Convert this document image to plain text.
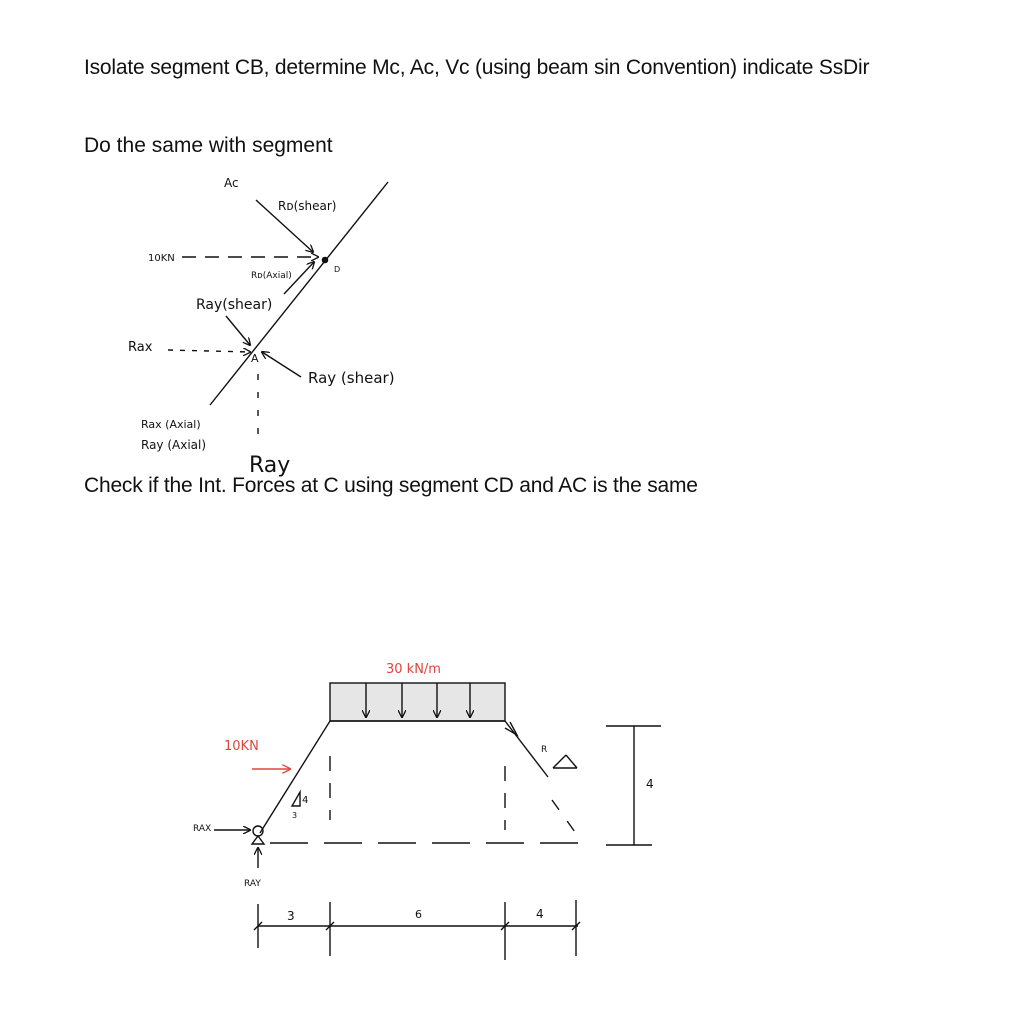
Isolate segment CB, determine Mc, Ac, Vc (using beam sin Convention) indicate SsDir
Do the same with segment
Check if the Int. Forces at C using segment CD and AC is the same
Ac
Rᴅ(shear)
Rᴅ(Axial)
10KN
D
Ray(shear)
Rax
A
Ray (shear)
Rax (Axial)
Ray (Axial)
Ray
30 kN/m
10KN
4
3
R
RAX
RAY
4
3	6	4
